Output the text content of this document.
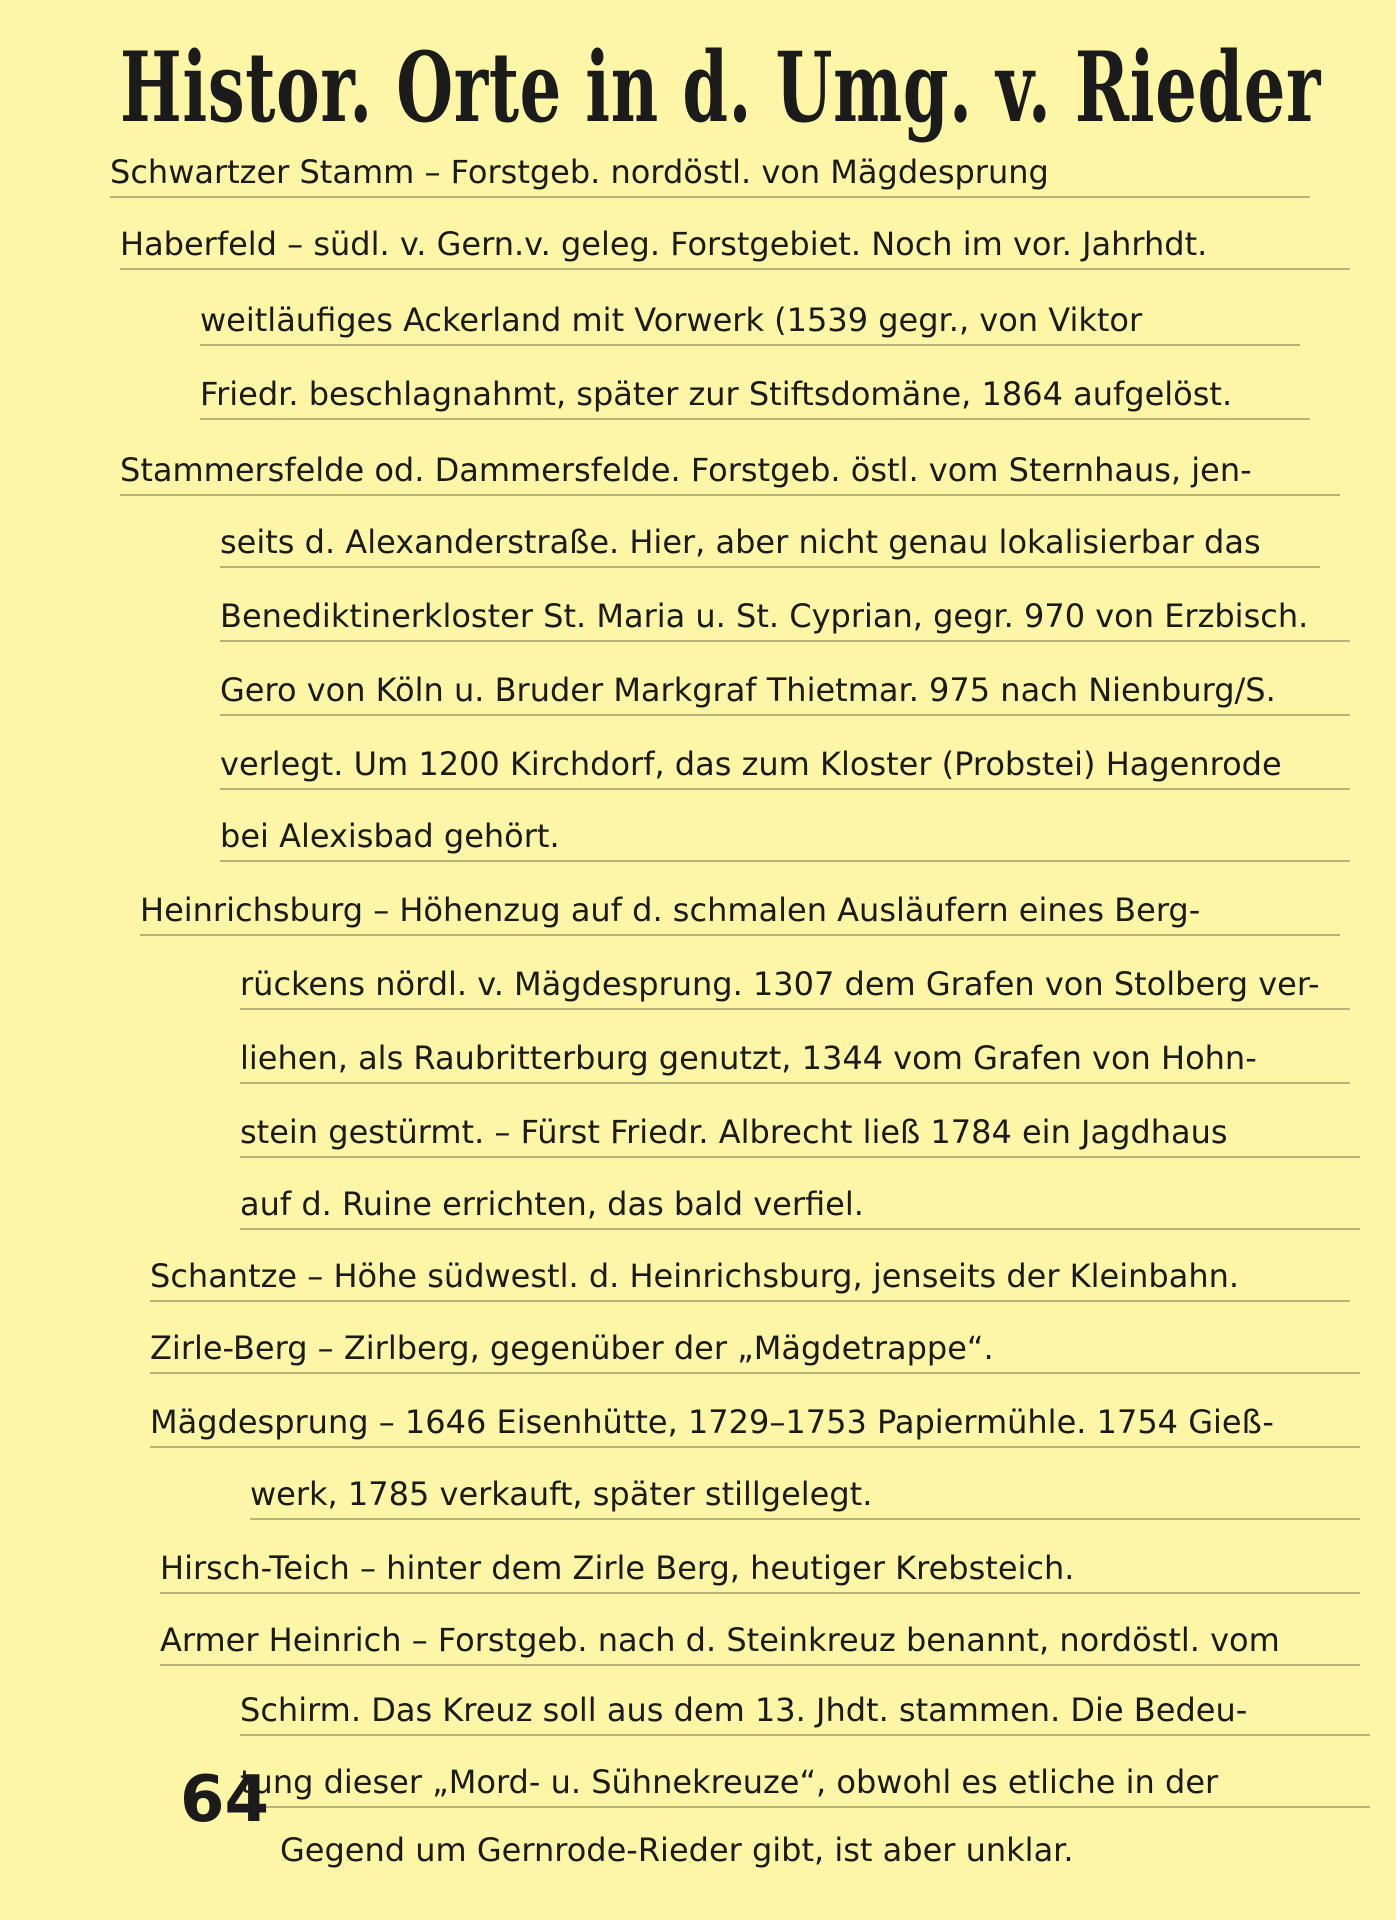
Histor. Orte in d. Umg. v. Rieder
Schwartzer Stamm – Forstgeb. nordöstl. von Mägdesprung
Haberfeld – südl. v. Gern.v. geleg. Forstgebiet. Noch im vor. Jahrhdt.
weitläufiges Ackerland mit Vorwerk (1539 gegr., von Viktor
Friedr. beschlagnahmt, später zur Stiftsdomäne, 1864 aufgelöst.
Stammersfelde od. Dammersfelde. Forstgeb. östl. vom Sternhaus, jen-
seits d. Alexanderstraße. Hier, aber nicht genau lokalisierbar das
Benediktinerkloster St. Maria u. St. Cyprian, gegr. 970 von Erzbisch.
Gero von Köln u. Bruder Markgraf Thietmar. 975 nach Nienburg/S.
verlegt. Um 1200 Kirchdorf, das zum Kloster (Probstei) Hagenrode
bei Alexisbad gehört.
Heinrichsburg – Höhenzug auf d. schmalen Ausläufern eines Berg-
rückens nördl. v. Mägdesprung. 1307 dem Grafen von Stolberg ver-
liehen, als Raubritterburg genutzt, 1344 vom Grafen von Hohn-
stein gestürmt. – Fürst Friedr. Albrecht ließ 1784 ein Jagdhaus
auf d. Ruine errichten, das bald verfiel.
Schantze – Höhe südwestl. d. Heinrichsburg, jenseits der Kleinbahn.
Zirle-Berg – Zirlberg, gegenüber der „Mägdetrappe“.
Mägdesprung – 1646 Eisenhütte, 1729–1753 Papiermühle. 1754 Gieß-
werk, 1785 verkauft, später stillgelegt.
Hirsch-Teich – hinter dem Zirle Berg, heutiger Krebsteich.
Armer Heinrich – Forstgeb. nach d. Steinkreuz benannt, nordöstl. vom
Schirm. Das Kreuz soll aus dem 13. Jhdt. stammen. Die Bedeu-
tung dieser „Mord- u. Sühnekreuze“, obwohl es etliche in der
Gegend um Gernrode-Rieder gibt, ist aber unklar.
64
